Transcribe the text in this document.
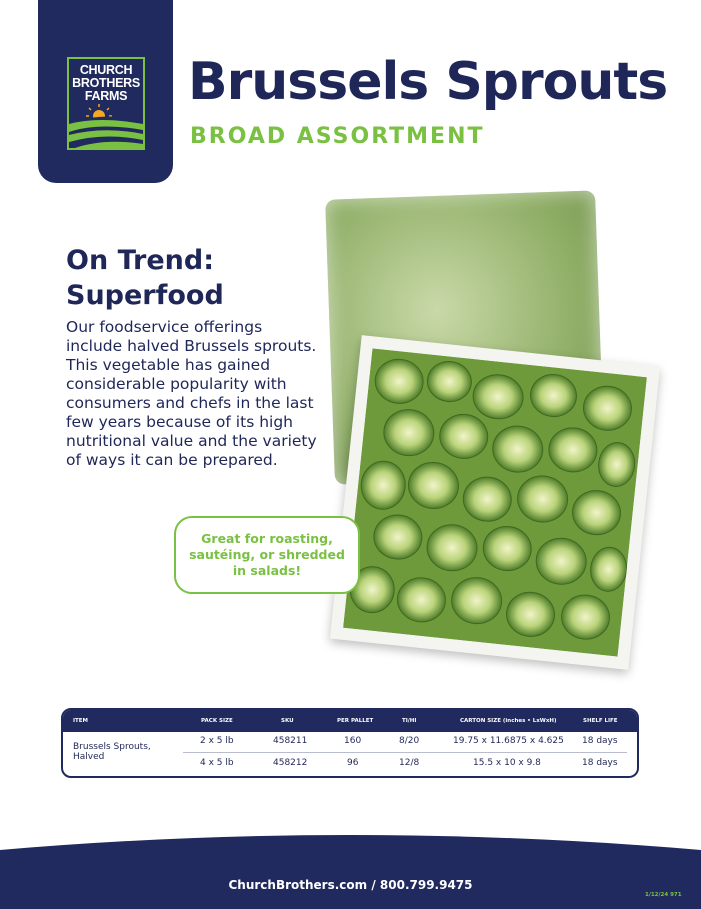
CHURCH
BROTHERS
FARMS	Brussels Sprouts
BROAD ASSORTMENT
On Trend:
Superfood

Our foodservice offerings include halved Brussels sprouts. This vegetable has gained considerable popularity with consumers and chefs in the last few years because of its high nutritional value and the variety of ways it can be prepared.

Great for roasting, sautéing, or shredded in salads!
ITEM	PACK SIZE	SKU	PER PALLET	TI/HI	CARTON SIZE (inches • LxWxH)	SHELF LIFE
Brussels Sprouts, Halved
2 x 5 lb	458211	160	8/20	19.75 x 11.6875 x 4.625 18 days
4 x 5 lb	458212	96	12/8	15.5 x 10 x 9.8	18 days
ChurchBrothers.com / 800.799.9475
1/12/24 971
